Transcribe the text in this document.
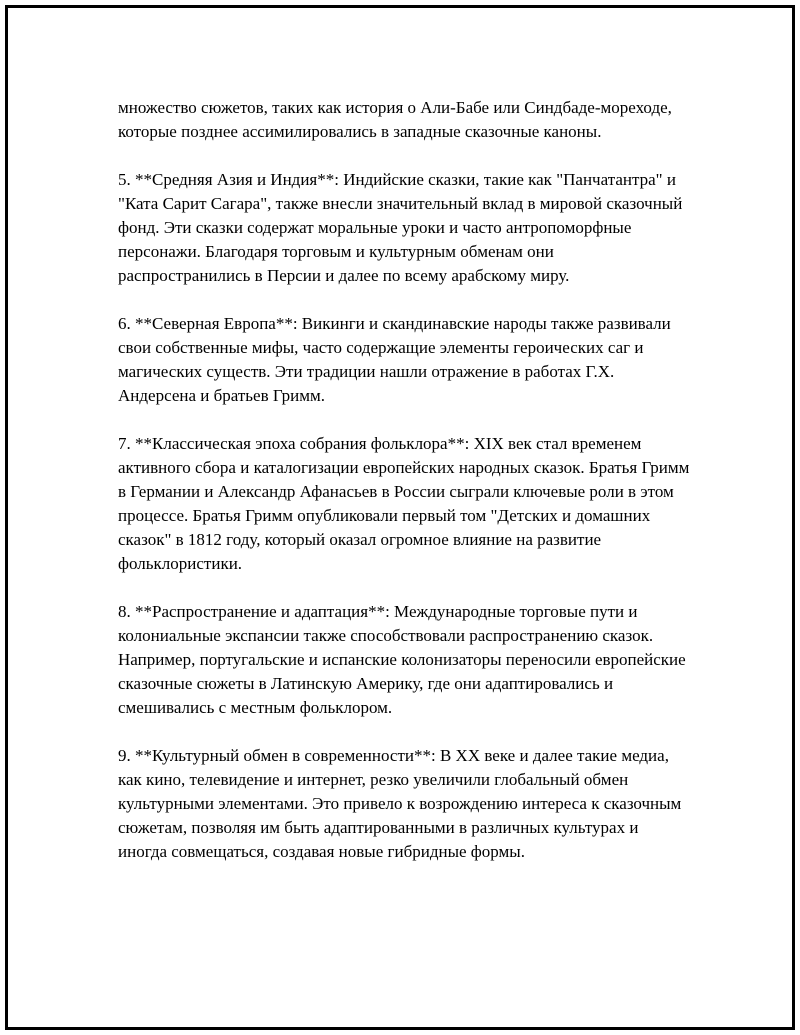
множество сюжетов, таких как история о Али-Бабе или Синдбаде-мореходе, которые позднее ассимилировались в западные сказочные каноны.

5. **Средняя Азия и Индия**: Индийские сказки, такие как "Панчатантра" и "Ката Сарит Сагара", также внесли значительный вклад в мировой сказочный фонд. Эти сказки содержат моральные уроки и часто антропоморфные персонажи. Благодаря торговым и культурным обменам они распространились в Персии и далее по всему арабскому миру.

6. **Северная Европа**: Викинги и скандинавские народы также развивали свои собственные мифы, часто содержащие элементы героических саг и магических существ. Эти традиции нашли отражение в работах Г.Х. Андерсена и братьев Гримм.

7. **Классическая эпоха собрания фольклора**: XIX век стал временем активного сбора и каталогизации европейских народных сказок. Братья Гримм в Германии и Александр Афанасьев в России сыграли ключевые роли в этом процессе. Братья Гримм опубликовали первый том "Детских и домашних сказок" в 1812 году, который оказал огромное влияние на развитие фольклористики.

8. **Распространение и адаптация**: Международные торговые пути и колониальные экспансии также способствовали распространению сказок. Например, португальские и испанские колонизаторы переносили европейские сказочные сюжеты в Латинскую Америку, где они адаптировались и смешивались с местным фольклором.

9. **Культурный обмен в современности**: В XX веке и далее такие медиа, как кино, телевидение и интернет, резко увеличили глобальный обмен культурными элементами. Это привело к возрождению интереса к сказочным сюжетам, позволяя им быть адаптированными в различных культурах и иногда совмещаться, создавая новые гибридные формы.
